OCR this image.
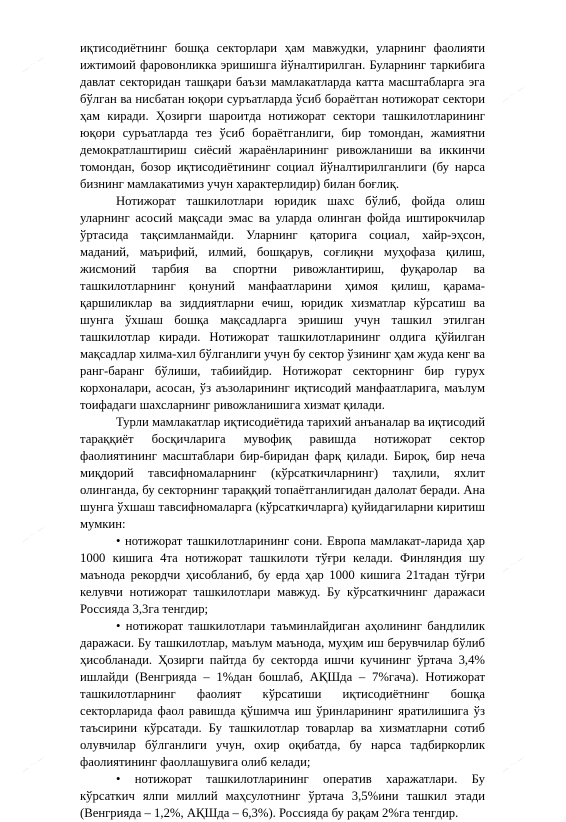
— ·· —
— ·· —
— ·· —
— ·· —
— ·· —
— ·· —

иқтисодиётнинг бошқа секторлари ҳам мавжудки, уларнинг фаолияти ижтимоий фаровонликка эришишга йўналтирилган. Буларнинг таркибига давлат секторидан ташқари баъзи мамлакатларда катта масштабларга эга бўлган ва нисбатан юқори суръатларда ўсиб бораётган нотижорат сектори ҳам киради. Ҳозирги шароитда нотижорат сектори ташкилотларининг юқори суръатларда тез ўсиб бораётганлиги, бир томондан, жамиятни демократлаштириш сиёсий жараёнларининг ривожланиши ва иккинчи томондан, бозор иқтисодиётининг социал йўналтирилганлиги (бу нарса бизнинг мамлакатимиз учун характерлидир) билан боғлиқ.

Нотижорат ташкилотлари юридик шахс бўлиб, фойда олиш уларнинг асосий мақсади эмас ва уларда олинган фойда иштирокчилар ўртасида тақсимланмайди. Уларнинг қаторига социал, хайр-эҳсон, маданий, маърифий, илмий, бошқарув, соғлиқни муҳофаза қилиш, жисмоний тарбия ва спортни ривожлантириш, фуқаролар ва ташкилотларнинг қонуний манфаатларини ҳимоя қилиш, қарама-қаршиликлар ва зиддиятларни ечиш, юридик хизматлар кўрсатиш ва шунга ўхшаш бошқа мақсадларга эришиш учун ташкил этилган ташкилотлар киради. Нотижорат ташкилотларининг олдига қўйилган мақсадлар хилма-хил бўлганлиги учун бу сектор ўзининг ҳам жуда кенг ва ранг-баранг бўлиши, табиийдир. Нотижорат секторнинг бир гурух корхоналари, асосан, ўз аъзоларининг иқтисодий манфаатларига, маълум тоифадаги шахсларнинг ривожланишига хизмат қилади.

Турли мамлакатлар иқтисодиётида тарихий анъаналар ва иқтисодий тараққиёт босқичларига мувофиқ равишда нотижорат сектор фаолиятининг масштаблари бир-биридан фарқ қилади. Бироқ, бир неча миқдорий тавсифномаларнинг (кўрсаткичларнинг) таҳлили, яхлит олинганда, бу секторнинг тараққий топаётганлигидан далолат беради. Ана шунга ўхшаш тавсифномаларга (кўрсаткичларга) қуйидагиларни киритиш мумкин:

• нотижорат ташкилотларининг сони. Европа мамлакат-ларида ҳар 1000 кишига 4та нотижорат ташкилоти тўғри келади. Финляндия шу маънода рекордчи ҳисобланиб, бу ерда ҳар 1000 кишига 21тадан тўғри келувчи нотижорат ташкилотлари мавжуд. Бу кўрсаткичнинг даражаси Россияда 3,3га тенгдир;

• нотижорат ташкилотлари таъминлайдиган аҳолининг бандлилик даражаси. Бу ташкилотлар, маълум маънода, муҳим иш берувчилар бўлиб ҳисобланади. Ҳозирги пайтда бу секторда ишчи кучининг ўртача 3,4% ишлайди (Венгрияда – 1%дан бошлаб, АҚШда – 7%гача). Нотижорат ташкилотларнинг фаолият кўрсатиши иқтисодиётнинг бошқа секторларида фаол равишда қўшимча иш ўринларининг яратилишига ўз таъсирини кўрсатади. Бу ташкилотлар товарлар ва хизматларни сотиб олувчилар бўлганлиги учун, охир оқибатда, бу нарса тадбиркорлик фаолиятининг фаоллашувига олиб келади;

• нотижорат ташкилотларининг оператив харажатлари. Бу кўрсаткич ялпи миллий маҳсулотнинг ўртача 3,5%ини ташкил этади (Венгрияда – 1,2%, АҚШда – 6,3%). Россияда бу рақам 2%га тенгдир.
